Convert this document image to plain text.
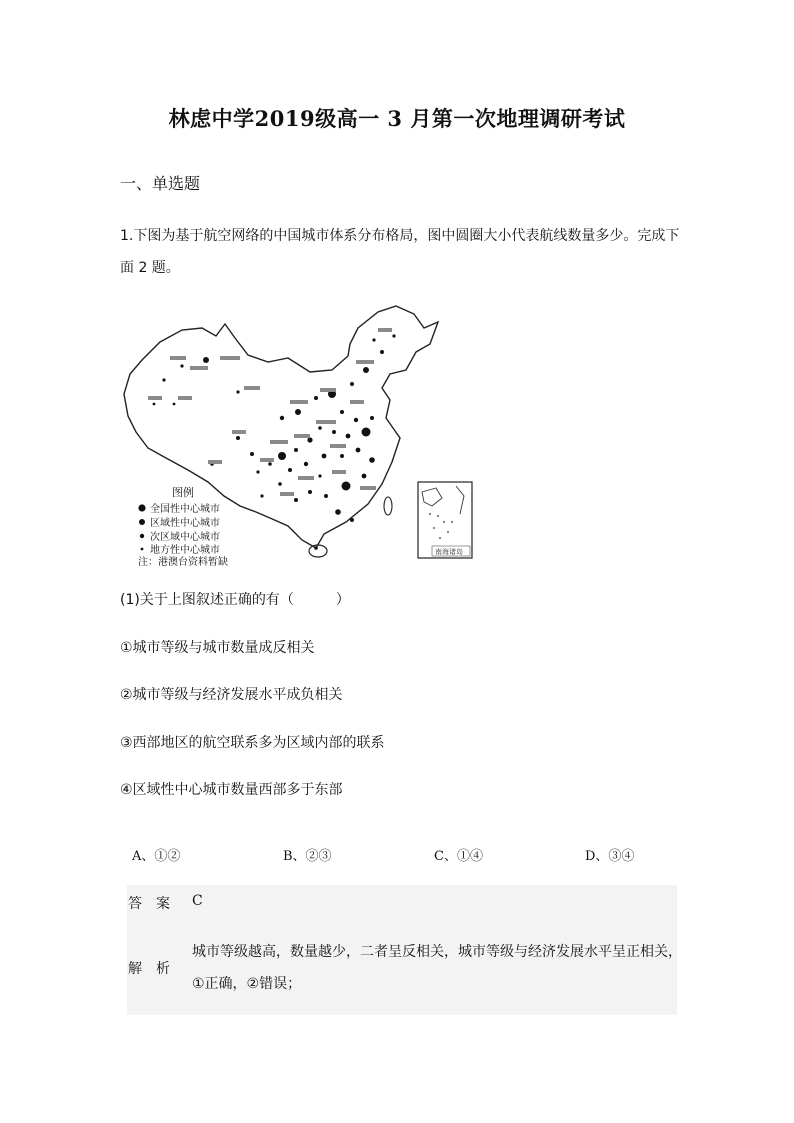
林虑中学2019级高一 3 月第一次地理调研考试
一、单选题
1.下图为基于航空网络的中国城市体系分布格局，图中圆圈大小代表航线数量多少。完成下
面 2 题。
图例
全国性中心城市
区域性中心城市
次区域中心城市
地方性中心城市
注：港澳台资料暂缺
南海诸岛
(1)关于上图叙述正确的有（　　　）
①城市等级与城市数量成反相关
②城市等级与经济发展水平成负相关
③西部地区的航空联系多为区域内部的联系
④区域性中心城市数量西部多于东部
A、①②	B、②③	C、①④	D、③④
答案 C
解析
城市等级越高，数量越少，二者呈反相关，城市等级与经济发展水平呈正相关，
①正确，②错误；
